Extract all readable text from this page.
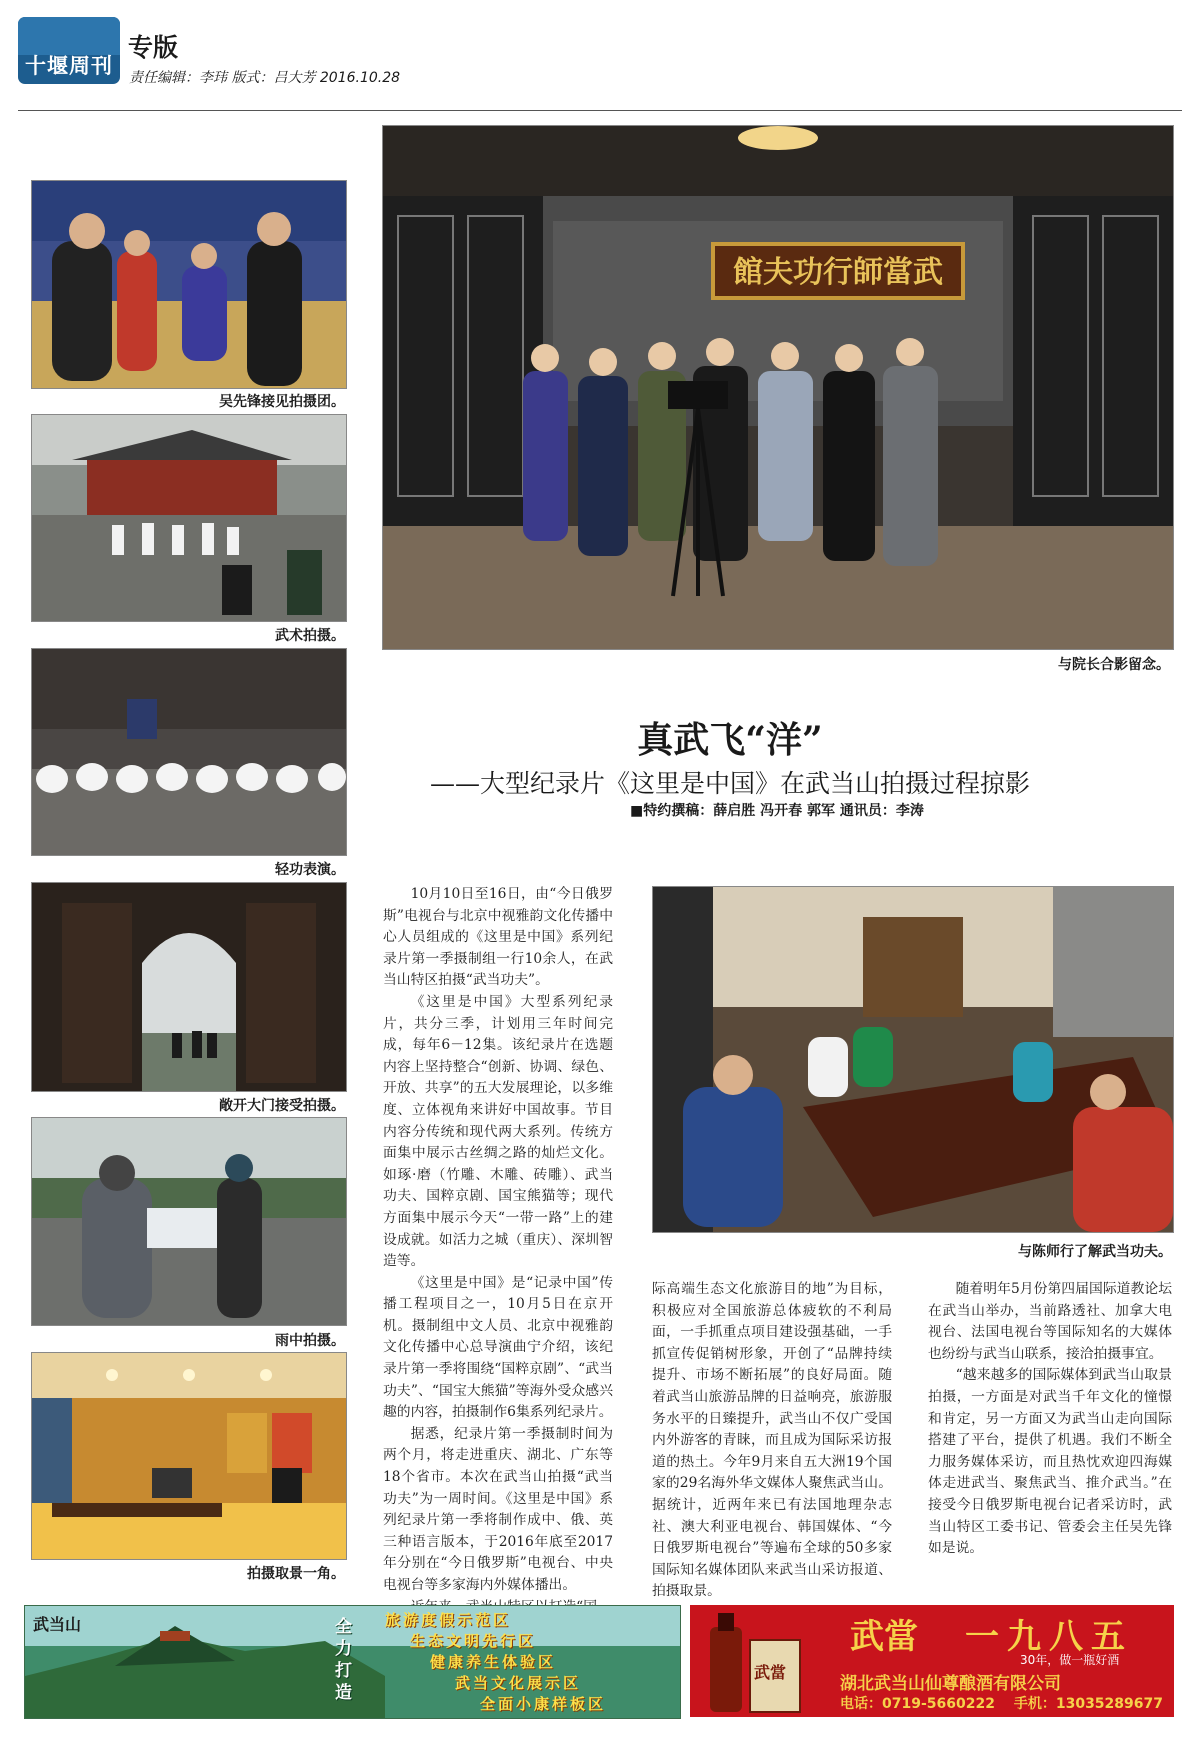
十堰周刊
专版
责任编辑：李玮 版式：吕大芳 2016.10.28
館夫功行師當武
与院长合影留念。
吴先锋接见拍摄团。
武术拍摄。
轻功表演。
敞开大门接受拍摄。
雨中拍摄。
拍摄取景一角。
真武飞“洋”
——大型纪录片《这里是中国》在武当山拍摄过程掠影
■特约撰稿：薛启胜 冯开春 郭军 通讯员：李涛
与陈师行了解武当功夫。

10月10日至16日，由“今日俄罗斯”电视台与北京中视雅韵文化传播中心人员组成的《这里是中国》系列纪录片第一季摄制组一行10余人，在武当山特区拍摄“武当功夫”。

《这里是中国》大型系列纪录片，共分三季，计划用三年时间完成，每年6－12集。该纪录片在选题内容上坚持整合“创新、协调、绿色、开放、共享”的五大发展理论，以多维度、立体视角来讲好中国故事。节目内容分传统和现代两大系列。传统方面集中展示古丝绸之路的灿烂文化。如琢·磨（竹雕、木雕、砖雕）、武当功夫、国粹京剧、国宝熊猫等；现代方面集中展示今天“一带一路”上的建设成就。如活力之城（重庆）、深圳智造等。

《这里是中国》是“记录中国”传播工程项目之一，10月5日在京开机。摄制组中文人员、北京中视雅韵文化传播中心总导演曲宁介绍，该纪录片第一季将围绕“国粹京剧”、“武当功夫”、“国宝大熊猫”等海外受众感兴趣的内容，拍摄制作6集系列纪录片。

据悉，纪录片第一季摄制时间为两个月，将走进重庆、湖北、广东等18个省市。本次在武当山拍摄“武当功夫”为一周时间。《这里是中国》系列纪录片第一季将制作成中、俄、英三种语言版本，于2016年底至2017年分别在“今日俄罗斯”电视台、中央电视台等多家海内外媒体播出。

际高端生态文化旅游目的地”为目标，积极应对全国旅游总体疲软的不利局面，一手抓重点项目建设强基础，一手抓宣传促销树形象，开创了“品牌持续提升、市场不断拓展”的良好局面。随着武当山旅游品牌的日益响亮，旅游服务水平的日臻提升，武当山不仅广受国内外游客的青睐，而且成为国际采访报道的热土。今年9月来自五大洲19个国家的29名海外华文媒体人聚焦武当山。据统计，近两年来已有法国地理杂志社、澳大利亚电视台、韩国媒体、“今日俄罗斯电视台”等遍布全球的50多家国际知名媒体团队来武当山采访报道、拍摄取景。

随着明年5月份第四届国际道教论坛在武当山举办，当前路透社、加拿大电视台、法国电视台等国际知名的大媒体也纷纷与武当山联系，接洽拍摄事宜。

“越来越多的国际媒体到武当山取景拍摄，一方面是对武当千年文化的憧憬和肯定，另一方面又为武当山走向国际搭建了平台，提供了机遇。我们不断全力服务媒体采访，而且热忱欢迎四海媒体走进武当、聚焦武当、推介武当。”在接受今日俄罗斯电视台记者采访时，武当山特区工委书记、管委会主任吴先锋如是说。

武当山	全力打造
旅游度假示范区
生态文明先行区
健康养生体验区
武当文化展示区
全面小康样板区
武當
武當 一九八五
30年，做一瓶好酒
湖北武当山仙尊酿酒有限公司
电话：0719-5660222 手机：13035289677
